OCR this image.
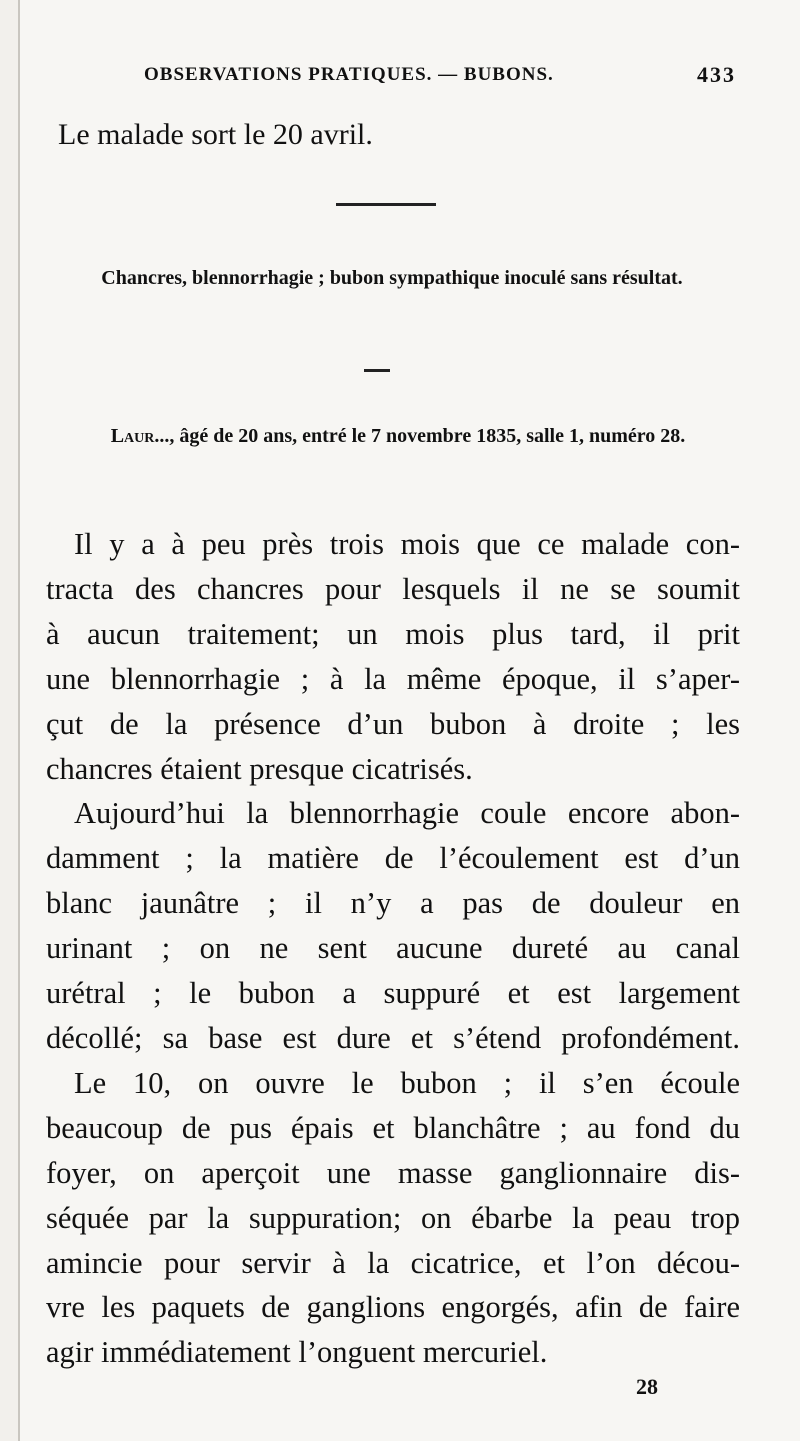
OBSERVATIONS PRATIQUES. — BUBONS.	433
Le malade sort le 20 avril.
Chancres, blennorrhagie ; bubon sympathique inoculé sans résultat.
Laur..., âgé de 20 ans, entré le 7 novembre 1835, salle 1, numéro 28.

Il y a à peu près trois mois que ce malade con-
tracta des chancres pour lesquels il ne se soumit
à aucun traitement; un mois plus tard, il prit
une blennorrhagie ; à la même époque, il s’aper-
çut de la présence d’un bubon à droite ; les
chancres étaient presque cicatrisés.

Aujourd’hui la blennorrhagie coule encore abon-
damment ; la matière de l’écoulement est d’un
blanc jaunâtre ; il n’y a pas de douleur en
urinant ; on ne sent aucune dureté au canal
urétral ; le bubon a suppuré et est largement
décollé; sa base est dure et s’étend profondément.

Le 10, on ouvre le bubon ; il s’en écoule
beaucoup de pus épais et blanchâtre ; au fond du
foyer, on aperçoit une masse ganglionnaire dis-
séquée par la suppuration; on ébarbe la peau trop
amincie pour servir à la cicatrice, et l’on décou-
vre les paquets de ganglions engorgés, afin de faire
agir immédiatement l’onguent mercuriel.

28
